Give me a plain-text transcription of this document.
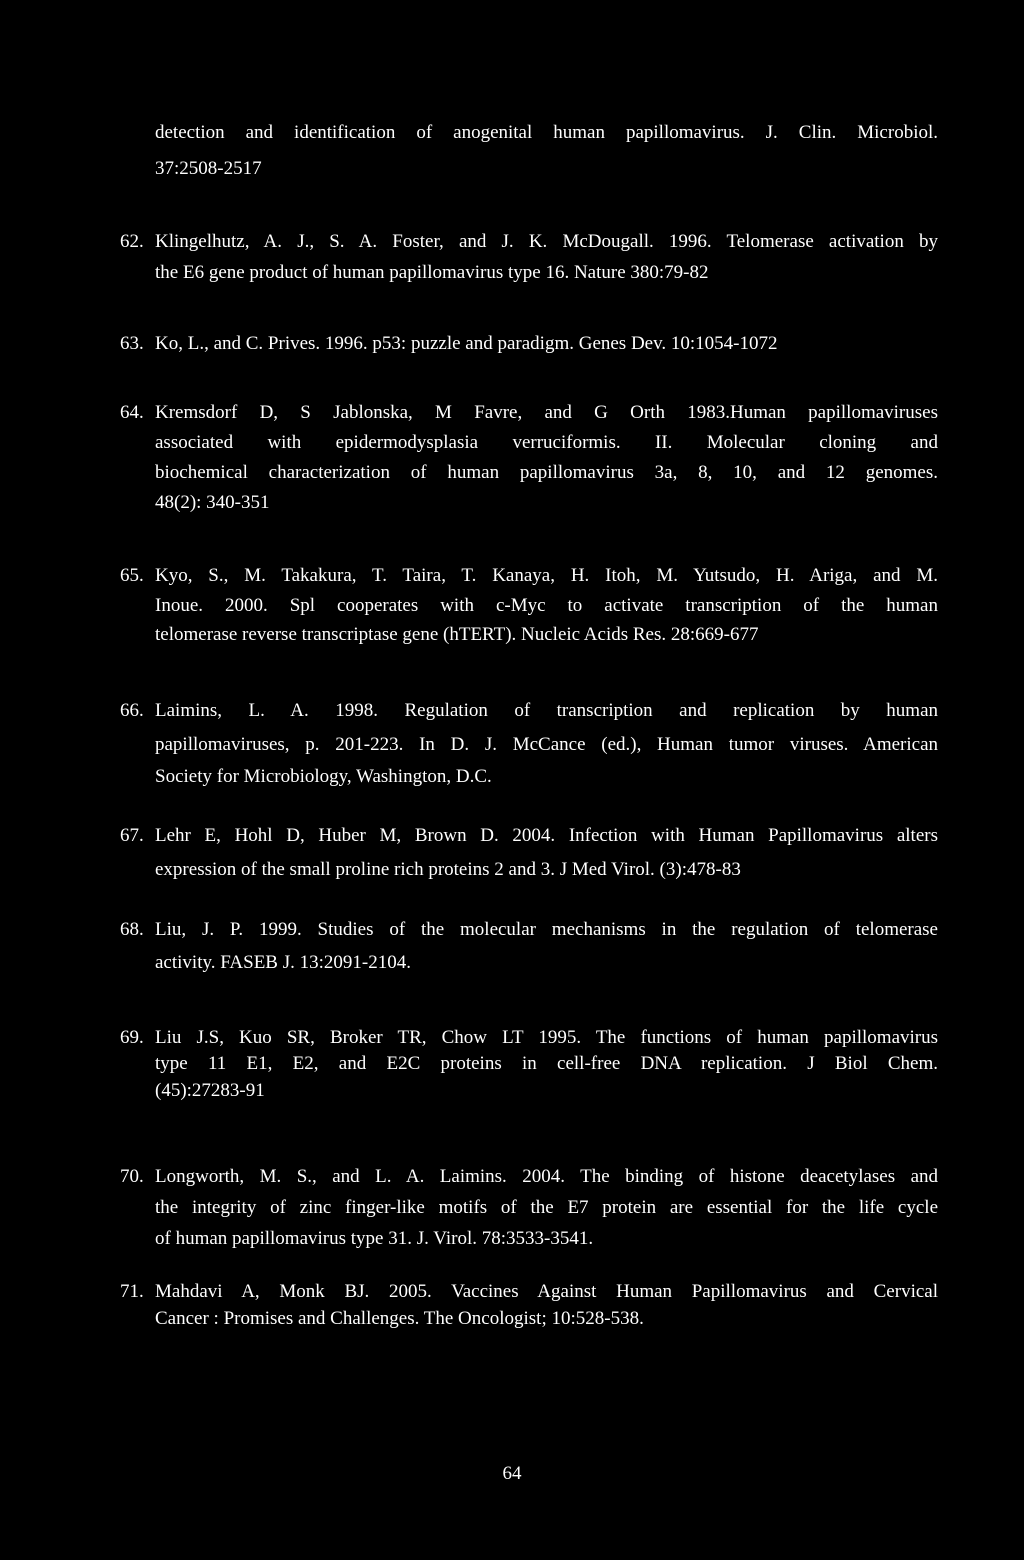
detection and identification of anogenital human papillomavirus. J. Clin. Microbiol.
37:2508-2517
62. Klingelhutz, A. J., S. A. Foster, and J. K. McDougall. 1996. Telomerase activation by
the E6 gene product of human papillomavirus type 16. Nature 380:79-82
63. Ko, L., and C. Prives. 1996. p53: puzzle and paradigm. Genes Dev. 10:1054-1072
64. Kremsdorf D, S Jablonska, M Favre, and G Orth 1983.Human papillomaviruses
associated with epidermodysplasia verruciformis. II. Molecular cloning and
biochemical characterization of human papillomavirus 3a, 8, 10, and 12 genomes.
48(2): 340-351
65. Kyo, S., M. Takakura, T. Taira, T. Kanaya, H. Itoh, M. Yutsudo, H. Ariga, and M.
Inoue. 2000. Spl cooperates with c-Myc to activate transcription of the human
telomerase reverse transcriptase gene (hTERT). Nucleic Acids Res. 28:669-677
66. Laimins, L. A. 1998. Regulation of transcription and replication by human
papillomaviruses, p. 201-223. In D. J. McCance (ed.), Human tumor viruses. American
Society for Microbiology, Washington, D.C.
67. Lehr E, Hohl D, Huber M, Brown D. 2004. Infection with Human Papillomavirus alters
expression of the small proline rich proteins 2 and 3. J Med Virol. (3):478-83
68. Liu, J. P. 1999. Studies of the molecular mechanisms in the regulation of telomerase
activity. FASEB J. 13:2091-2104.
69. Liu J.S, Kuo SR, Broker TR, Chow LT 1995. The functions of human papillomavirus
type 11 E1, E2, and E2C proteins in cell-free DNA replication. J Biol Chem.
(45):27283-91
70. Longworth, M. S., and L. A. Laimins. 2004. The binding of histone deacetylases and
the integrity of zinc finger-like motifs of the E7 protein are essential for the life cycle
of human papillomavirus type 31. J. Virol. 78:3533-3541.
71. Mahdavi A, Monk BJ. 2005. Vaccines Against Human Papillomavirus and Cervical
Cancer : Promises and Challenges. The Oncologist; 10:528-538.
64
